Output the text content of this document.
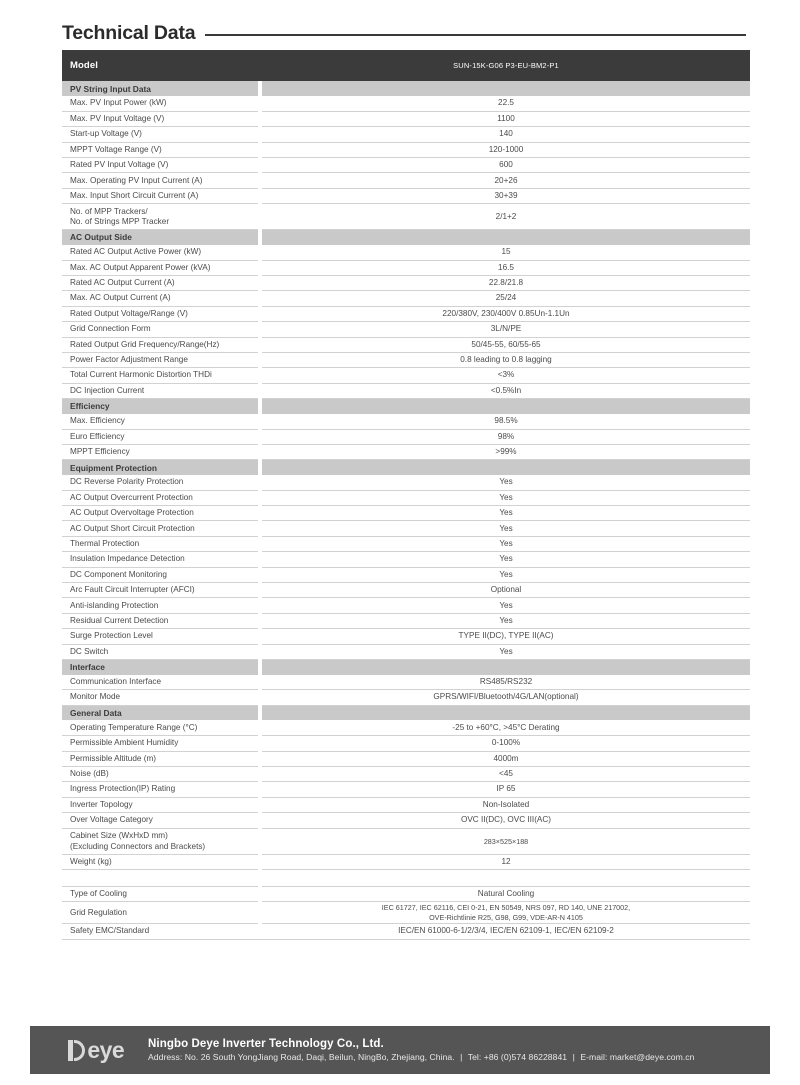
Technical Data
Model		SUN-15K-G06 P3-EU-BM2-P1
PV String Input Data		
Max. PV Input Power (kW)		22.5
Max. PV Input Voltage (V)		1100
Start-up Voltage (V)		140
MPPT Voltage Range (V)		120-1000
Rated PV Input Voltage (V)		600
Max. Operating PV Input Current (A)		20+26
Max. Input Short Circuit Current (A)		30+39
No. of MPP Trackers/
No. of Strings MPP Tracker		2/1+2
AC Output Side		
Rated AC Output Active Power (kW)		15
Max. AC Output Apparent Power (kVA)		16.5
Rated AC Output Current (A)		22.8/21.8
Max. AC Output Current (A)		25/24
Rated Output Voltage/Range (V)		220/380V, 230/400V 0.85Un-1.1Un
Grid Connection Form		3L/N/PE
Rated Output Grid Frequency/Range(Hz)		50/45-55, 60/55-65
Power Factor Adjustment Range		0.8 leading to 0.8 lagging
Total Current Harmonic Distortion THDi		<3%
DC Injection Current		<0.5%In
Efficiency		
Max. Efficiency		98.5%
Euro Efficiency		98%
MPPT Efficiency		>99%
Equipment Protection		
DC Reverse Polarity Protection		Yes
AC Output Overcurrent Protection		Yes
AC Output Overvoltage Protection		Yes
AC Output Short Circuit Protection		Yes
Thermal Protection		Yes
Insulation Impedance Detection		Yes
DC Component Monitoring		Yes
Arc Fault Circuit Interrupter (AFCI)		Optional
Anti-islanding Protection		Yes
Residual Current Detection		Yes
Surge Protection Level		TYPE II(DC), TYPE II(AC)
DC Switch		Yes
Interface		
Communication Interface		RS485/RS232
Monitor Mode		GPRS/WIFI/Bluetooth/4G/LAN(optional)
General Data		
Operating Temperature Range (°C)		-25 to +60°C, >45°C Derating
Permissible Ambient Humidity		0-100%
Permissible Altitude (m)		4000m
Noise (dB)		<45
Ingress Protection(IP) Rating		IP 65
Inverter Topology		Non-Isolated
Over Voltage Category		OVC II(DC), OVC III(AC)
Cabinet Size (WxHxD mm)
(Excluding Connectors and Brackets)		283×525×188
Weight (kg)		12

Type of Cooling		Natural Cooling
Grid Regulation		IEC 61727, IEC 62116, CEI 0-21, EN 50549, NRS 097, RD 140, UNE 217002,
OVE-Richtlinie R25, G98, G99, VDE-AR-N 4105
Safety EMC/Standard		IEC/EN 61000-6-1/2/3/4, IEC/EN 62109-1, IEC/EN 62109-2
eye Ningbo Deye Inverter Technology Co., Ltd.
Address: No. 26 South YongJiang Road, Daqi, Beilun, NingBo, Zhejiang, China. | Tel: +86 (0)574 86228841 | E-mail: market@deye.com.cn
